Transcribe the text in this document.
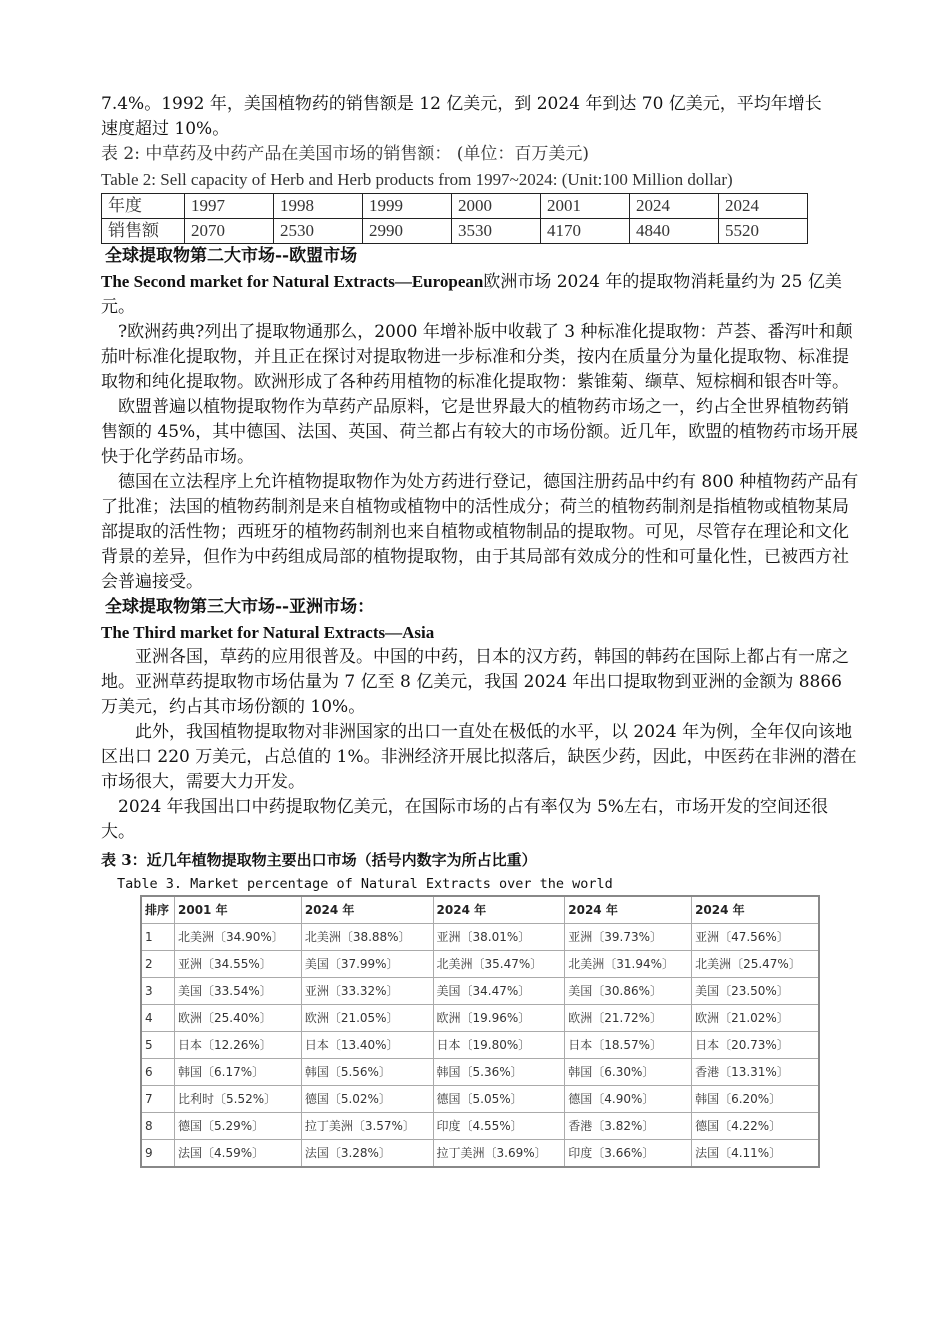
7.4%。1992 年，美国植物药的销售额是 12 亿美元，到 2024 年到达 70 亿美元，平均年增长

速度超过 10%。

表 2: 中草药及中药产品在美国市场的销售额： (单位：百万美元)

Table 2: Sell capacity of Herb and Herb products from 1997~2024: (Unit:100 Million dollar)

年度	1997	1998	1999	2000	2001	2024	2024
销售额	2070	2530	2990	3530	4170	4840	5520

全球提取物第二大市场--欧盟市场

The Second market for Natural Extracts—European欧洲市场 2024 年的提取物消耗量约为 25 亿美元。

?欧洲药典?列出了提取物通那么，2000 年增补版中收载了 3 种标准化提取物：芦荟、番泻叶和颠茄叶标准化提取物，并且正在探讨对提取物进一步标准和分类，按内在质量分为量化提取物、标准提取物和纯化提取物。欧洲形成了各种药用植物的标准化提取物：紫锥菊、缬草、短棕榈和银杏叶等。

欧盟普遍以植物提取物作为草药产品原料，它是世界最大的植物药市场之一，约占全世界植物药销售额的 45%，其中德国、法国、英国、荷兰都占有较大的市场份额。近几年，欧盟的植物药市场开展快于化学药品市场。

德国在立法程序上允许植物提取物作为处方药进行登记，德国注册药品中约有 800 种植物药产品有了批准；法国的植物药制剂是来自植物或植物中的活性成分；荷兰的植物药制剂是指植物或植物某局部提取的活性物；西班牙的植物药制剂也来自植物或植物制品的提取物。可见，尽管存在理论和文化背景的差异，但作为中药组成局部的植物提取物，由于其局部有效成分的性和可量化性，已被西方社会普遍接受。

全球提取物第三大市场--亚洲市场：

The Third market for Natural Extracts—Asia

亚洲各国，草药的应用很普及。中国的中药，日本的汉方药，韩国的韩药在国际上都占有一席之地。亚洲草药提取物市场估量为 7 亿至 8 亿美元，我国 2024 年出口提取物到亚洲的金额为 8866 万美元，约占其市场份额的 10%。

此外，我国植物提取物对非洲国家的出口一直处在极低的水平，以 2024 年为例，全年仅向该地区出口 220 万美元，占总值的 1%。非洲经济开展比拟落后，缺医少药，因此，中医药在非洲的潜在市场很大，需要大力开发。

2024 年我国出口中药提取物亿美元，在国际市场的占有率仅为 5%左右，市场开发的空间还很大。

表 3：近几年植物提取物主要出口市场（括号内数字为所占比重）

Table 3. Market percentage of Natural Extracts over the world

排序	2001 年	2024 年	2024 年	2024 年	2024 年
1	北美洲〔34.90%〕	北美洲〔38.88%〕	亚洲〔38.01%〕	亚洲〔39.73%〕	亚洲〔47.56%〕
2	亚洲〔34.55%〕	美国〔37.99%〕	北美洲〔35.47%〕	北美洲〔31.94%〕	北美洲〔25.47%〕
3	美国〔33.54%〕	亚洲〔33.32%〕	美国〔34.47%〕	美国〔30.86%〕	美国〔23.50%〕
4	欧洲〔25.40%〕	欧洲〔21.05%〕	欧洲〔19.96%〕	欧洲〔21.72%〕	欧洲〔21.02%〕
5	日本〔12.26%〕	日本〔13.40%〕	日本〔19.80%〕	日本〔18.57%〕	日本〔20.73%〕
6	韩国〔6.17%〕	韩国〔5.56%〕	韩国〔5.36%〕	韩国〔6.30%〕	香港〔13.31%〕
7	比利时〔5.52%〕	德国〔5.02%〕	德国〔5.05%〕	德国〔4.90%〕	韩国〔6.20%〕
8	德国〔5.29%〕	拉丁美洲〔3.57%〕	印度〔4.55%〕	香港〔3.82%〕	德国〔4.22%〕
9	法国〔4.59%〕	法国〔3.28%〕	拉丁美洲〔3.69%〕	印度〔3.66%〕	法国〔4.11%〕
